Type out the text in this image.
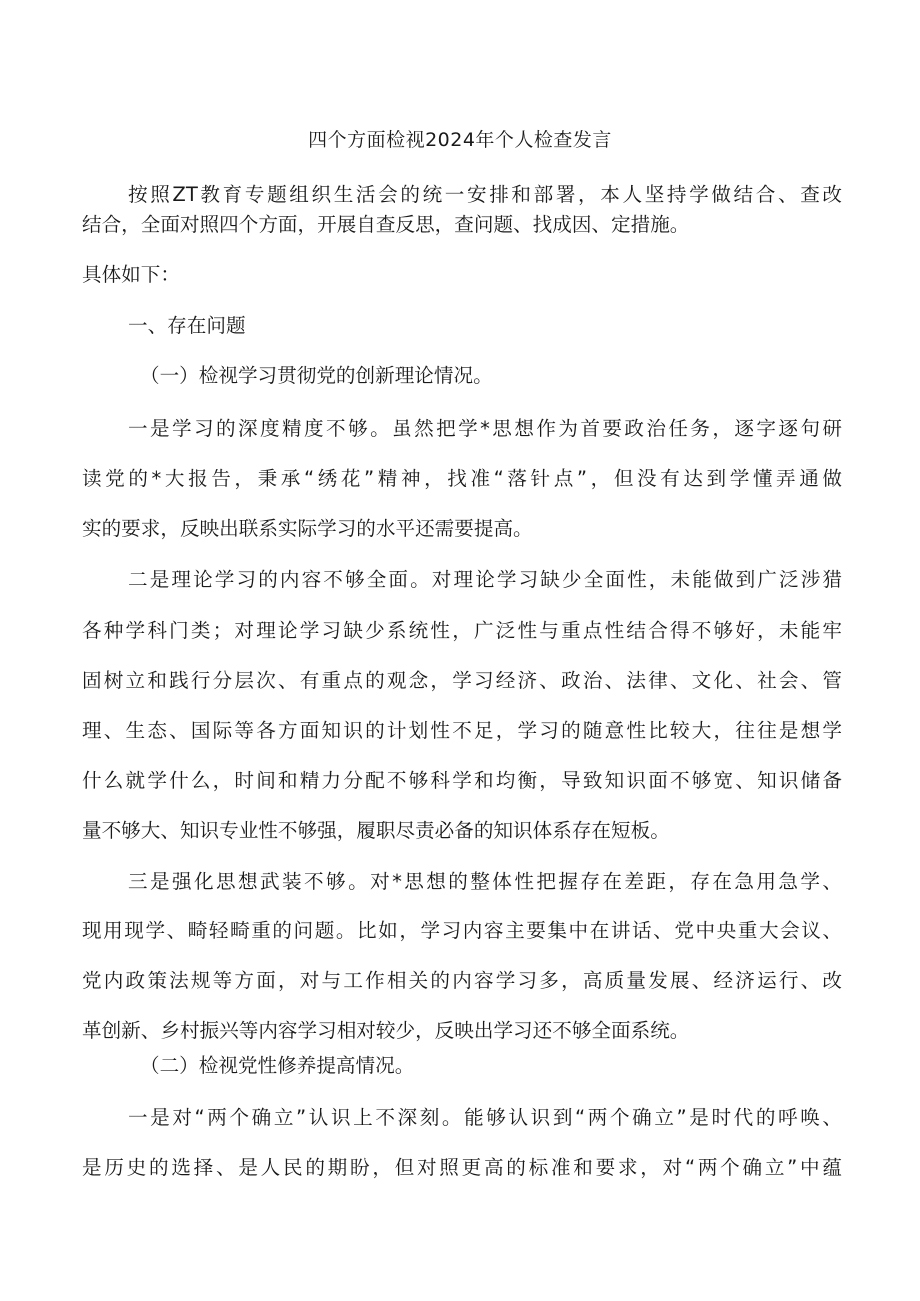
四个方面检视2024年个人检查发言
按照ZT教育专题组织生活会的统一安排和部署，本人坚持学做结合、查改
结合，全面对照四个方面，开展自查反思，查问题、找成因、定措施。
具体如下：
一、存在问题
（一）检视学习贯彻党的创新理论情况。
一是学习的深度精度不够。虽然把学*思想作为首要政治任务，逐字逐句研
读党的*大报告，秉承“绣花”精神，找准“落针点”，但没有达到学懂弄通做
实的要求，反映出联系实际学习的水平还需要提高。
二是理论学习的内容不够全面。对理论学习缺少全面性，未能做到广泛涉猎
各种学科门类；对理论学习缺少系统性，广泛性与重点性结合得不够好，未能牢
固树立和践行分层次、有重点的观念，学习经济、政治、法律、文化、社会、管
理、生态、国际等各方面知识的计划性不足，学习的随意性比较大，往往是想学
什么就学什么，时间和精力分配不够科学和均衡，导致知识面不够宽、知识储备
量不够大、知识专业性不够强，履职尽责必备的知识体系存在短板。
三是强化思想武装不够。对*思想的整体性把握存在差距，存在急用急学、
现用现学、畸轻畸重的问题。比如，学习内容主要集中在讲话、党中央重大会议、
党内政策法规等方面，对与工作相关的内容学习多，高质量发展、经济运行、改
革创新、乡村振兴等内容学习相对较少，反映出学习还不够全面系统。
（二）检视党性修养提高情况。
一是对“两个确立”认识上不深刻。能够认识到“两个确立”是时代的呼唤、
是历史的选择、是人民的期盼，但对照更高的标准和要求，对“两个确立”中蕴
